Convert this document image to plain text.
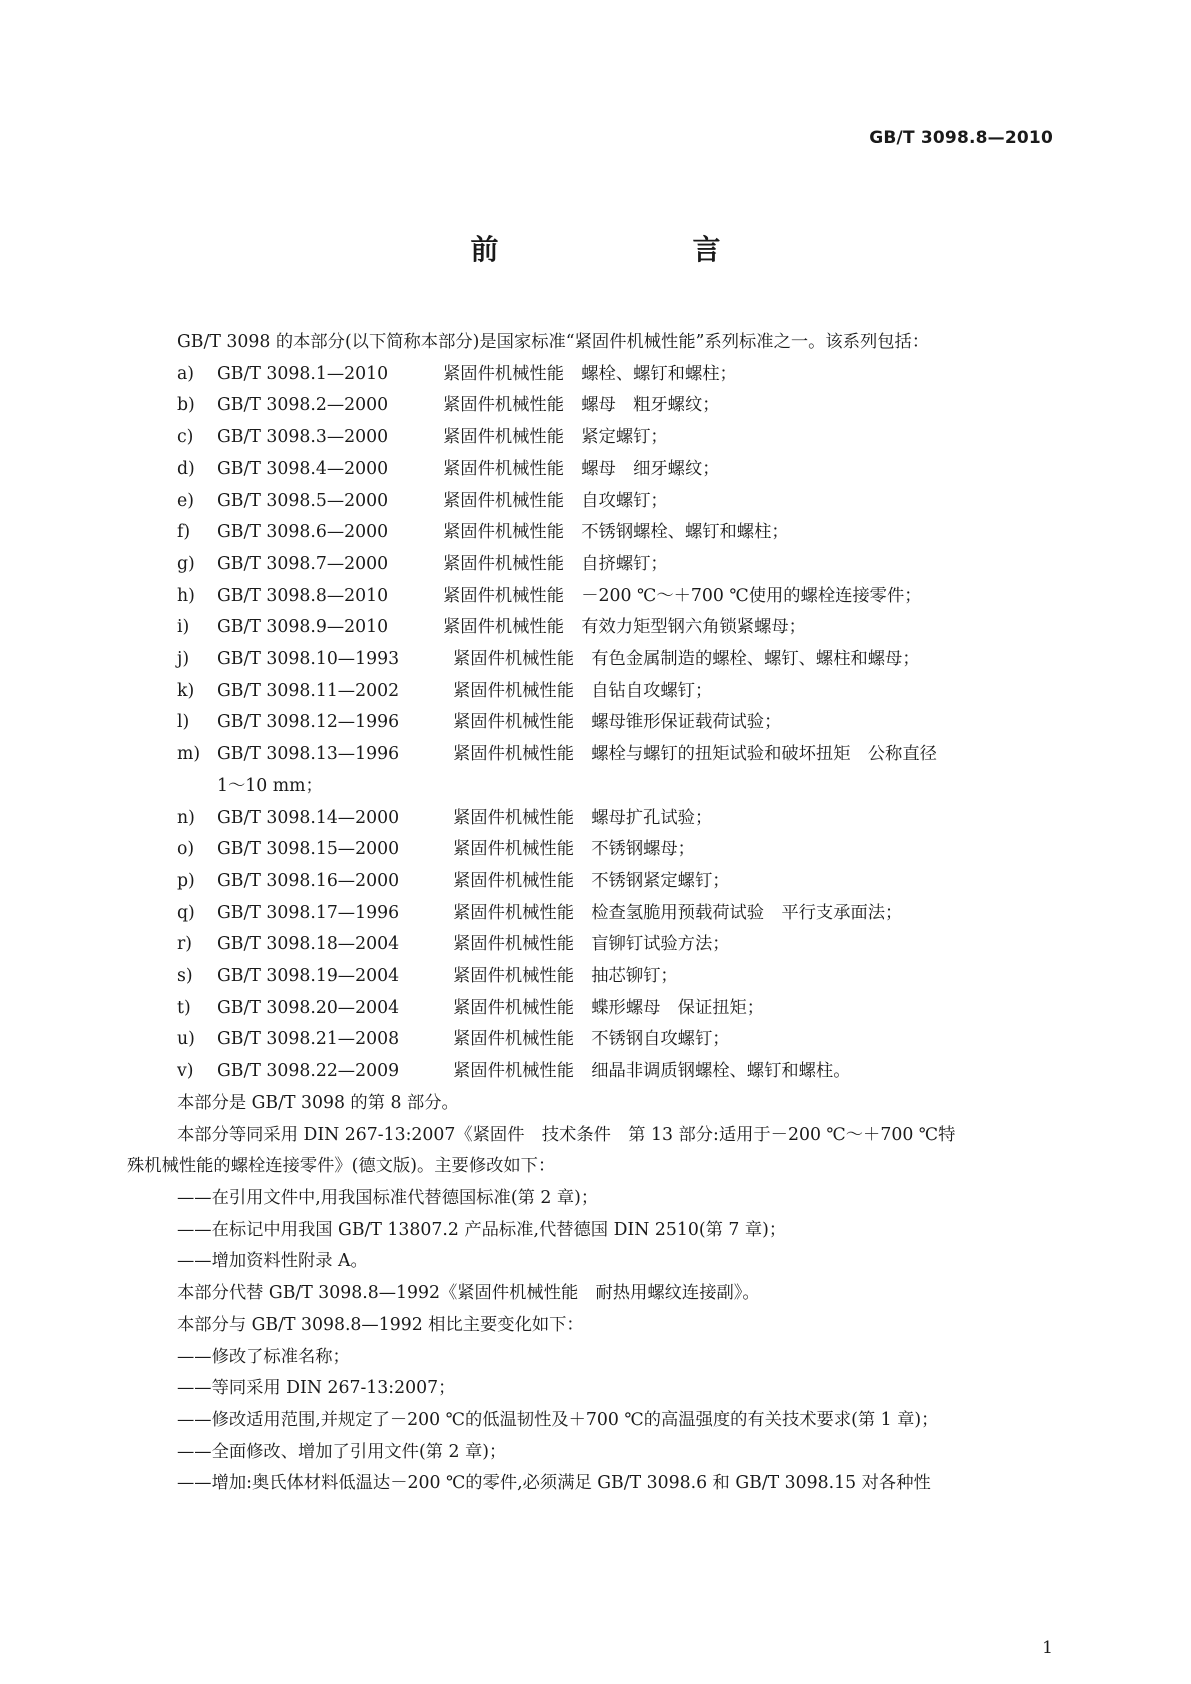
GB/T 3098.8—2010
前　　言

GB/T 3098 的本部分(以下简称本部分)是国家标准“紧固件机械性能”系列标准之一。该系列包括：

a)	GB/T 3098.1—2010	紧固件机械性能　螺栓、螺钉和螺柱；
b)	GB/T 3098.2—2000	紧固件机械性能　螺母　粗牙螺纹；
c)	GB/T 3098.3—2000	紧固件机械性能　紧定螺钉；
d)	GB/T 3098.4—2000	紧固件机械性能　螺母　细牙螺纹；
e)	GB/T 3098.5—2000	紧固件机械性能　自攻螺钉；
f)	GB/T 3098.6—2000	紧固件机械性能　不锈钢螺栓、螺钉和螺柱；
g)	GB/T 3098.7—2000	紧固件机械性能　自挤螺钉；
h)	GB/T 3098.8—2010	紧固件机械性能　－200 ℃～＋700 ℃使用的螺栓连接零件；
i)	GB/T 3098.9—2010	紧固件机械性能　有效力矩型钢六角锁紧螺母；
j)	GB/T 3098.10—1993	紧固件机械性能　有色金属制造的螺栓、螺钉、螺柱和螺母；
k)	GB/T 3098.11—2002	紧固件机械性能　自钻自攻螺钉；
l)	GB/T 3098.12—1996	紧固件机械性能　螺母锥形保证载荷试验；
m) GB/T 3098.13—1996	紧固件机械性能　螺栓与螺钉的扭矩试验和破坏扭矩　公称直径
1～10 mm；
n)	GB/T 3098.14—2000	紧固件机械性能　螺母扩孔试验；
o)	GB/T 3098.15—2000	紧固件机械性能　不锈钢螺母；
p)	GB/T 3098.16—2000	紧固件机械性能　不锈钢紧定螺钉；
q)	GB/T 3098.17—1996	紧固件机械性能　检查氢脆用预载荷试验　平行支承面法；
r)	GB/T 3098.18—2004	紧固件机械性能　盲铆钉试验方法；
s)	GB/T 3098.19—2004	紧固件机械性能　抽芯铆钉；
t)	GB/T 3098.20—2004	紧固件机械性能　蝶形螺母　保证扭矩；
u)	GB/T 3098.21—2008	紧固件机械性能　不锈钢自攻螺钉；
v)	GB/T 3098.22—2009	紧固件机械性能　细晶非调质钢螺栓、螺钉和螺柱。

本部分是 GB/T 3098 的第 8 部分。

本部分等同采用 DIN 267-13:2007《紧固件　技术条件　第 13 部分:适用于－200 ℃～＋700 ℃特

殊机械性能的螺栓连接零件》(德文版)。主要修改如下：

——在引用文件中,用我国标准代替德国标准(第 2 章)；

——在标记中用我国 GB/T 13807.2 产品标准,代替德国 DIN 2510(第 7 章)；

——增加资料性附录 A。

本部分代替 GB/T 3098.8—1992《紧固件机械性能　耐热用螺纹连接副》。

本部分与 GB/T 3098.8—1992 相比主要变化如下：

——修改了标准名称；

——等同采用 DIN 267-13:2007；

——修改适用范围,并规定了－200 ℃的低温韧性及＋700 ℃的高温强度的有关技术要求(第 1 章)；

——全面修改、增加了引用文件(第 2 章)；

——增加:奥氏体材料低温达－200 ℃的零件,必须满足 GB/T 3098.6 和 GB/T 3098.15 对各种性

1
